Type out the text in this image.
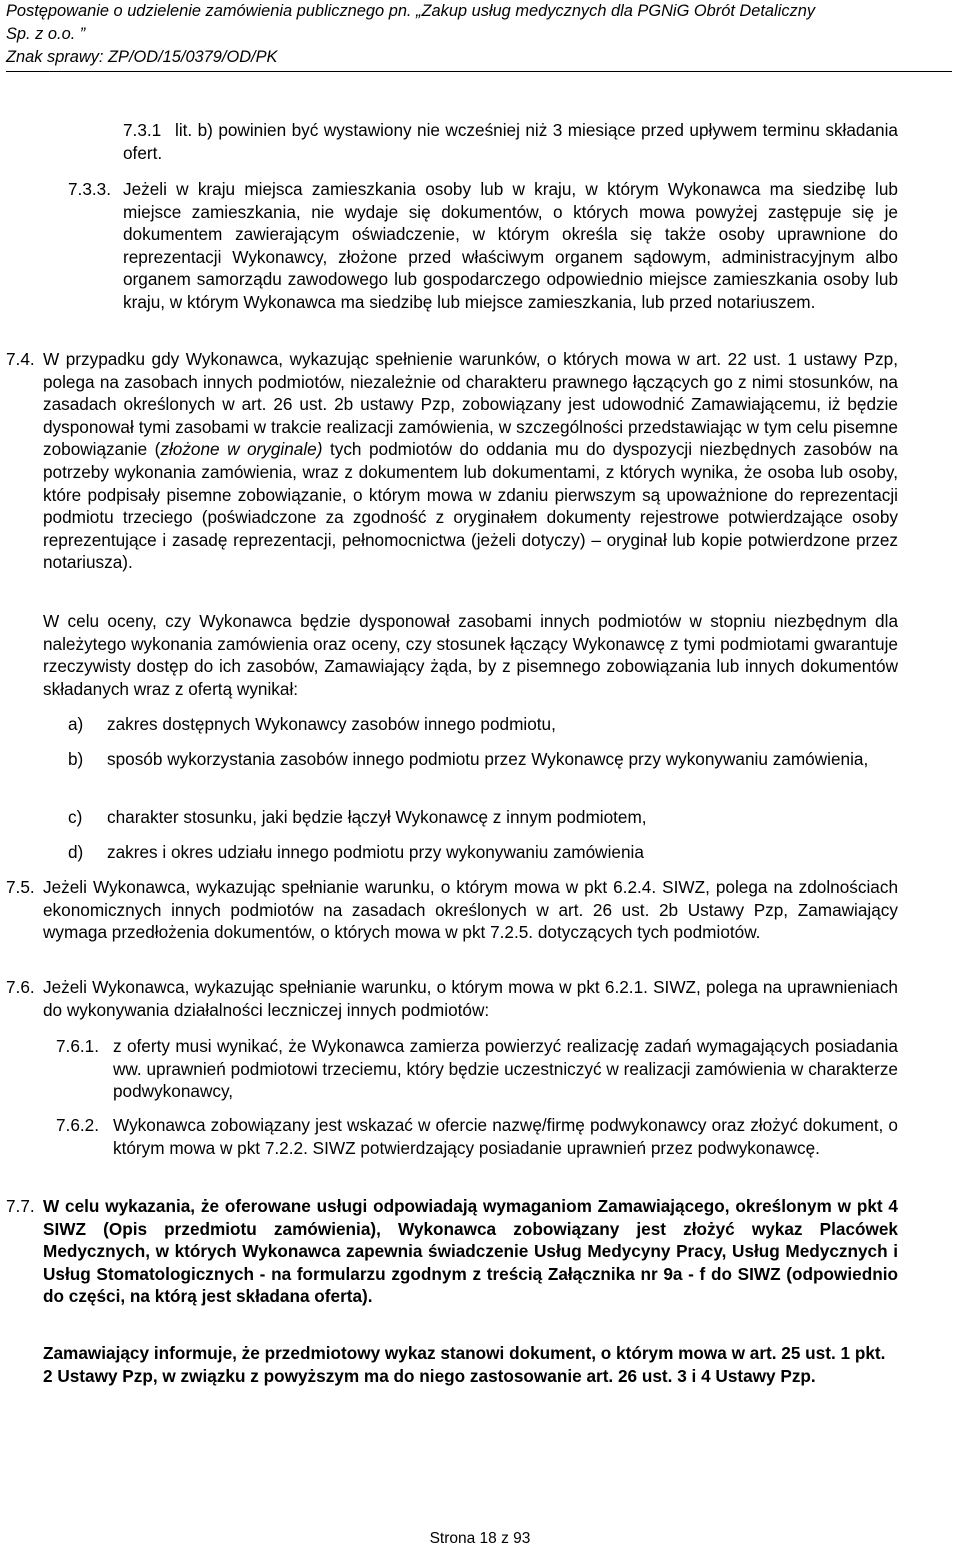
Postępowanie o udzielenie zamówienia publicznego pn. „Zakup usług medycznych dla PGNiG Obrót Detaliczny
Sp. z o.o. ”
Znak sprawy: ZP/OD/15/0379/OD/PK
7.3.1 lit. b) powinien być wystawiony nie wcześniej niż 3 miesiące przed upływem terminu składania ofert.
7.3.3. Jeżeli w kraju miejsca zamieszkania osoby lub w kraju, w którym Wykonawca ma siedzibę lub miejsce zamieszkania, nie wydaje się dokumentów, o których mowa powyżej zastępuje się je dokumentem zawierającym oświadczenie, w którym określa się także osoby uprawnione do reprezentacji Wykonawcy, złożone przed właściwym organem sądowym, administracyjnym albo organem samorządu zawodowego lub gospodarczego odpowiednio miejsce zamieszkania osoby lub kraju, w którym Wykonawca ma siedzibę lub miejsce zamieszkania, lub przed notariuszem.
7.4. W przypadku gdy Wykonawca, wykazując spełnienie warunków, o których mowa w art. 22 ust. 1 ustawy Pzp, polega na zasobach innych podmiotów, niezależnie od charakteru prawnego łączących go z nimi stosunków, na zasadach określonych w art. 26 ust. 2b ustawy Pzp, zobowiązany jest udowodnić Zamawiającemu, iż będzie dysponował tymi zasobami w trakcie realizacji zamówienia, w szczególności przedstawiając w tym celu pisemne zobowiązanie (złożone w oryginale) tych podmiotów do oddania mu do dyspozycji niezbędnych zasobów na potrzeby wykonania zamówienia, wraz z dokumentem lub dokumentami, z których wynika, że osoba lub osoby, które podpisały pisemne zobowiązanie, o którym mowa w zdaniu pierwszym są upoważnione do reprezentacji podmiotu trzeciego (poświadczone za zgodność z oryginałem dokumenty rejestrowe potwierdzające osoby reprezentujące i zasadę reprezentacji, pełnomocnictwa (jeżeli dotyczy) – oryginał lub kopie potwierdzone przez notariusza).
W celu oceny, czy Wykonawca będzie dysponował zasobami innych podmiotów w stopniu niezbędnym dla należytego wykonania zamówienia oraz oceny, czy stosunek łączący Wykonawcę z tymi podmiotami gwarantuje rzeczywisty dostęp do ich zasobów, Zamawiający żąda, by z pisemnego zobowiązania lub innych dokumentów składanych wraz z ofertą wynikał:
a) zakres dostępnych Wykonawcy zasobów innego podmiotu,
b) sposób wykorzystania zasobów innego podmiotu przez Wykonawcę przy wykonywaniu zamówienia,
c) charakter stosunku, jaki będzie łączył Wykonawcę z innym podmiotem,
d) zakres i okres udziału innego podmiotu przy wykonywaniu zamówienia
7.5. Jeżeli Wykonawca, wykazując spełnianie warunku, o którym mowa w pkt 6.2.4. SIWZ, polega na zdolnościach ekonomicznych innych podmiotów na zasadach określonych w art. 26 ust. 2b Ustawy Pzp, Zamawiający wymaga przedłożenia dokumentów, o których mowa w pkt 7.2.5. dotyczących tych podmiotów.
7.6. Jeżeli Wykonawca, wykazując spełnianie warunku, o którym mowa w pkt 6.2.1. SIWZ, polega na uprawnieniach do wykonywania działalności leczniczej innych podmiotów:
7.6.1. z oferty musi wynikać, że Wykonawca zamierza powierzyć realizację zadań wymagających posiadania ww. uprawnień podmiotowi trzeciemu, który będzie uczestniczyć w realizacji zamówienia w charakterze podwykonawcy,
7.6.2. Wykonawca zobowiązany jest wskazać w ofercie nazwę/firmę podwykonawcy oraz złożyć dokument, o którym mowa w pkt 7.2.2. SIWZ potwierdzający posiadanie uprawnień przez podwykonawcę.
7.7. W celu wykazania, że oferowane usługi odpowiadają wymaganiom Zamawiającego, określonym w pkt 4 SIWZ (Opis przedmiotu zamówienia), Wykonawca zobowiązany jest złożyć wykaz Placówek Medycznych, w których Wykonawca zapewnia świadczenie Usług Medycyny Pracy, Usług Medycznych i Usług Stomatologicznych - na formularzu zgodnym z treścią Załącznika nr 9a - f do SIWZ (odpowiednio do części, na którą jest składana oferta).
Zamawiający informuje, że przedmiotowy wykaz stanowi dokument, o którym mowa w art. 25 ust. 1 pkt. 2 Ustawy Pzp, w związku z powyższym ma do niego zastosowanie art. 26 ust. 3 i 4 Ustawy Pzp.
Strona 18 z 93
